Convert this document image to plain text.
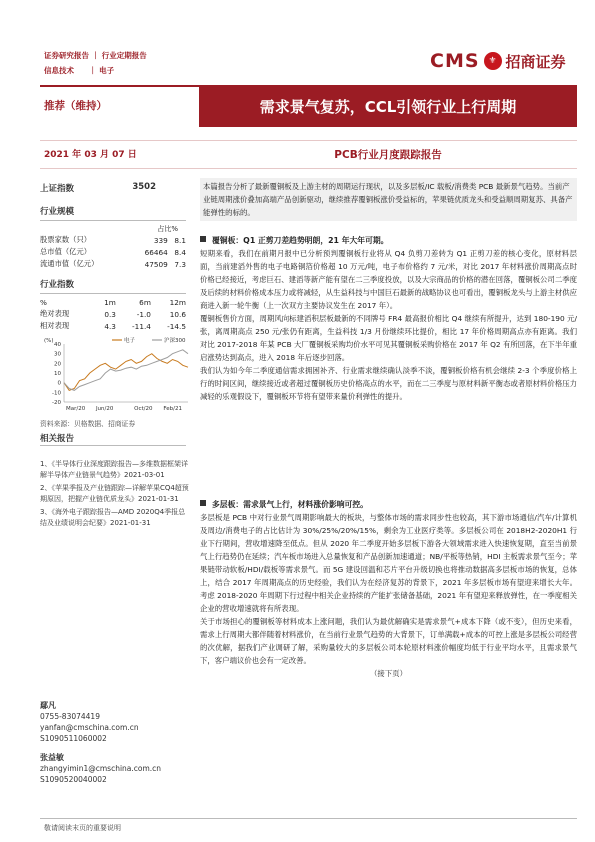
证券研究报告 ｜ 行业定期报告
信息技术　　｜ 电子	CMS ⚜ 招商证券
推荐（维持）	需求景气复苏，CCL引领行业上行周期
2021 年 03 月 07 日	PCB行业月度跟踪报告
上证指数	3502
行业规模
占比%
股票家数（只）	339	8.1
总市值（亿元）	66464	8.4
流通市值（亿元）	47509	7.3
行业指数
%	1m	6m	12m
绝对表现	0.3	-1.0	10.6
相对表现	4.3	-11.4	-14.5
(%)
40
30
20
10
0
-10
-20
Mar/20 Jun/20	Oct/20 Feb/21
电子	沪深300
资料来源：贝格数据、招商证券
相关报告
1、《半导体行业深度跟踪报告—多维数据框架详解半导体产业链景气趋势》2021-03-01
2、《苹果季报及产业链跟踪—详解苹果CQ4超预期原因，把握产业链优质龙头》2021-01-31
3、《海外电子跟踪报告—AMD 2020Q4季报总结及业绩说明会纪要》2021-01-31
鄢凡
0755-83074419
yanfan@cmschina.com.cn
S1090511060002
张益敏
zhangyimin1@cmschina.com.cn
S1090520040002
本篇报告分析了最新覆铜板及上游主材的周期运行现状，以及多层板/IC 载板/消费类 PCB 最新景气趋势。当前产业链周期涨价叠加高端产品创新驱动，继续推荐覆铜板涨价受益标的，苹果链优质龙头和受益顺周期复苏、具备产能弹性的标的。
覆铜板：Q1 正剪刀差趋势明朗，21 年大年可期。

短期来看，我们在前期月报中已分析预判覆铜板行业将从 Q4 负剪刀差转为 Q1 正剪刀差的核心变化，原材料层面，当前建滔外售的电子电路铜箔价格超 10 万元/吨，电子布价格约 7 元/米，对比 2017 年材料涨价周期高点时价格已经接近，考虑巨石、建滔等新产能有望在二三季度投放，以及大宗商品的价格的潜在回落，覆铜板公司二季度及后续的材料价格成本压力或将减轻，从生益科技与中国巨石最新的战略协议也可看出，覆铜板龙头与上游主材供应商进入新一轮牛衡（上一次双方主要协议发生在 2017 年）。

覆铜板售价方面，周期风向标建滔积层板最新的不同牌号 FR4 最高报价相比 Q4 继续有所提升，达到 180-190 元/张，离周期高点 250 元/张仍有距离，生益科技 1/3 月份继续环比提价，相比 17 年价格周期高点亦有距离。我们对比 2017-2018 年某 PCB 大厂覆铜板采购均价水平可见其覆铜板采购价格在 2017 年 Q2 有所回落，在下半年重启涨势达到高点，进入 2018 年后逐步回落。

我们认为如今年二季度通信需求拥困补齐、行业需求继续确认淡季不淡，覆铜板价格有机会继续 2-3 个季度价格上行的时间区间，继续接近或者超过覆铜板历史价格高点的水平，而在二三季度与原材料新平衡态或者原材料价格压力减轻的乐观假设下，覆铜板环节将有望带来量价利弹性的提升。

多层板：需求景气上行，材料涨价影响可控。

多层板是 PCB 中对行业景气周期影响最大的板块，与整体市场的需求同步性也较高，其下游市场通信/汽车/计算机及周边/消费电子的占比估计为 30%/25%/20%/15%，剩余为工业医疗类等。多层板公司在 2018H2-2020H1 行业下行期间，营收增速降至低点。但从 2020 年二季度开始多层板下游各大领域需求进入快速恢复期，直至当前景气上行趋势仍在延续；汽车板市场进入总量恢复和产品创新加速通道；NB/平板等热销，HDI 主板需求景气至今；苹果链带动软板/HDI/载板等需求景气。而 5G 建设回温和芯片平台升级切换也将推动数据高多层板市场的恢复，总体上，结合 2017 年周期高点的历史经验，我们认为在经济复苏的背景下，2021 年多层板市场有望迎来增长大年。考虑 2018-2020 年周期下行过程中相关企业持续的产能扩张储备基础，2021 年有望迎来释放弹性，在一季度相关企业的营收增速就将有所表现。

关于市场担心的覆铜板等材料成本上涨问题，我们认为最优解确实是需求景气+成本下降（或不变），但历史来看，需求上行周期大都伴随着材料涨价，在当前行业景气趋势的大背景下，订单满载+成本的可控上涨是多层板公司经营的次优解，据我们产业调研了解，采购量较大的多层板公司本轮原材料涨价幅度均低于行业平均水平，且需求景气下，客户端议价也会有一定改善。

（接下页）
敬请阅读末页的重要说明
